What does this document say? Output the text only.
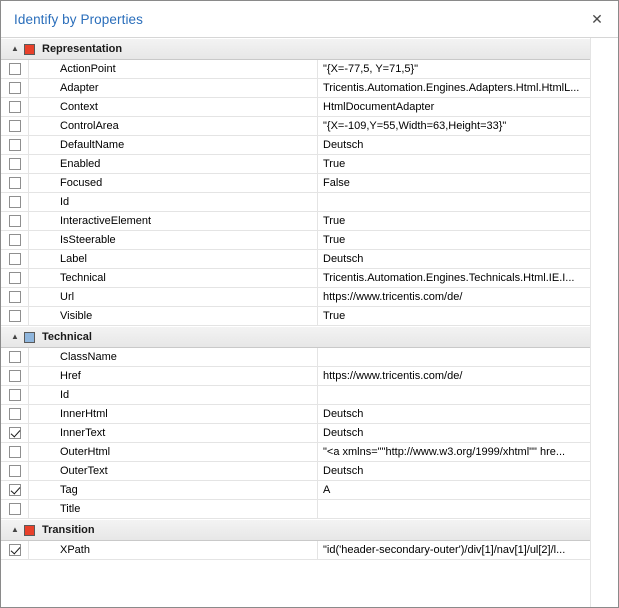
Identify by Properties	✕
▲ Representation
ActionPoint	"{X=-77,5, Y=71,5}"
Adapter	Tricentis.Automation.Engines.Adapters.Html.HtmlL...
Context	HtmlDocumentAdapter
ControlArea	"{X=-109,Y=55,Width=63,Height=33}"
DefaultName	Deutsch
Enabled	True
Focused	False
Id
InteractiveElement	True
IsSteerable	True
Label	Deutsch
Technical	Tricentis.Automation.Engines.Technicals.Html.IE.I...
Url	https://www.tricentis.com/de/
Visible	True
▲ Technical
ClassName
Href	https://www.tricentis.com/de/
Id
InnerHtml	Deutsch
InnerText	Deutsch
OuterHtml	"<a xmlns=""http://www.w3.org/1999/xhtml"" hre...
OuterText	Deutsch
Tag	A
Title
▲ Transition
XPath	"id('header-secondary-outer')/div[1]/nav[1]/ul[2]/l...
